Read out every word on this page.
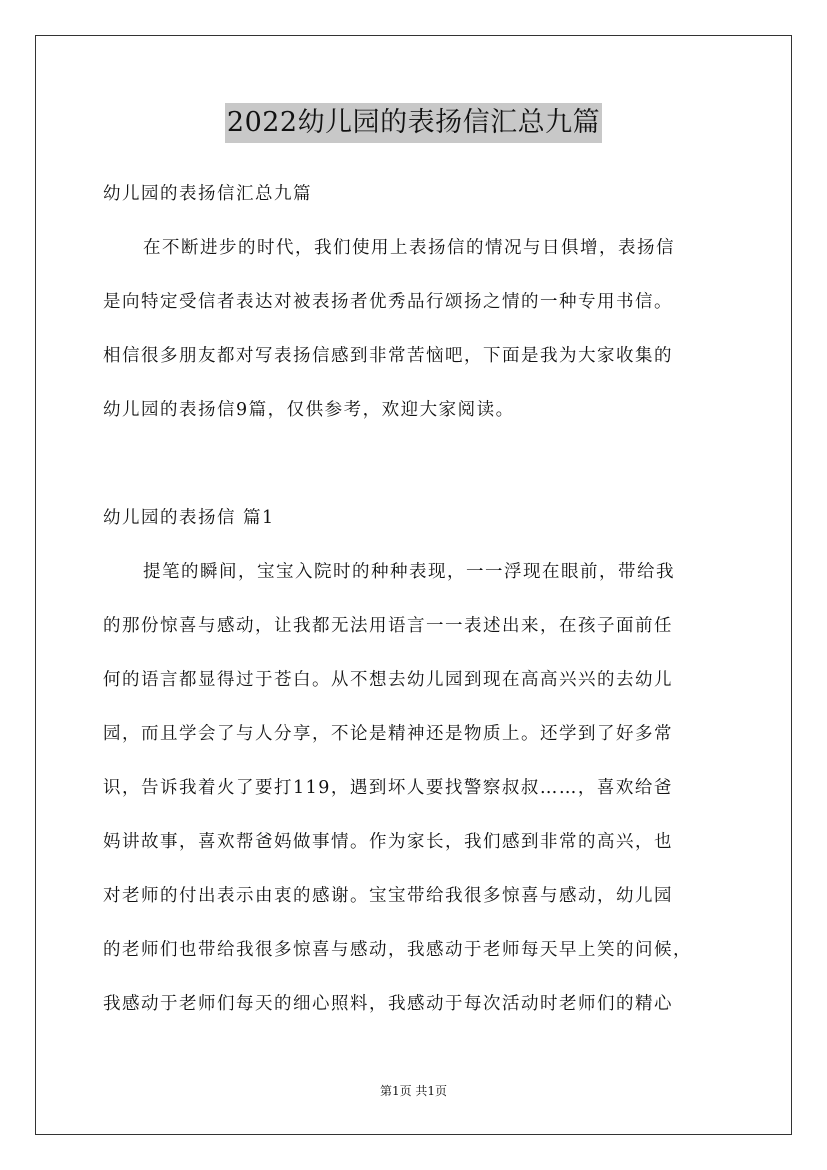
2022幼儿园的表扬信汇总九篇
幼儿园的表扬信汇总九篇
在不断进步的时代，我们使用上表扬信的情况与日俱增，表扬信
是向特定受信者表达对被表扬者优秀品行颂扬之情的一种专用书信。
相信很多朋友都对写表扬信感到非常苦恼吧，下面是我为大家收集的
幼儿园的表扬信9篇，仅供参考，欢迎大家阅读。
幼儿园的表扬信 篇1
提笔的瞬间，宝宝入院时的种种表现，一一浮现在眼前，带给我
的那份惊喜与感动，让我都无法用语言一一表述出来，在孩子面前任
何的语言都显得过于苍白。从不想去幼儿园到现在高高兴兴的去幼儿
园，而且学会了与人分享，不论是精神还是物质上。还学到了好多常
识，告诉我着火了要打119，遇到坏人要找警察叔叔……，喜欢给爸
妈讲故事，喜欢帮爸妈做事情。作为家长，我们感到非常的高兴，也
对老师的付出表示由衷的感谢。宝宝带给我很多惊喜与感动，幼儿园
的老师们也带给我很多惊喜与感动，我感动于老师每天早上笑的问候，
我感动于老师们每天的细心照料，我感动于每次活动时老师们的精心
第1页 共1页
